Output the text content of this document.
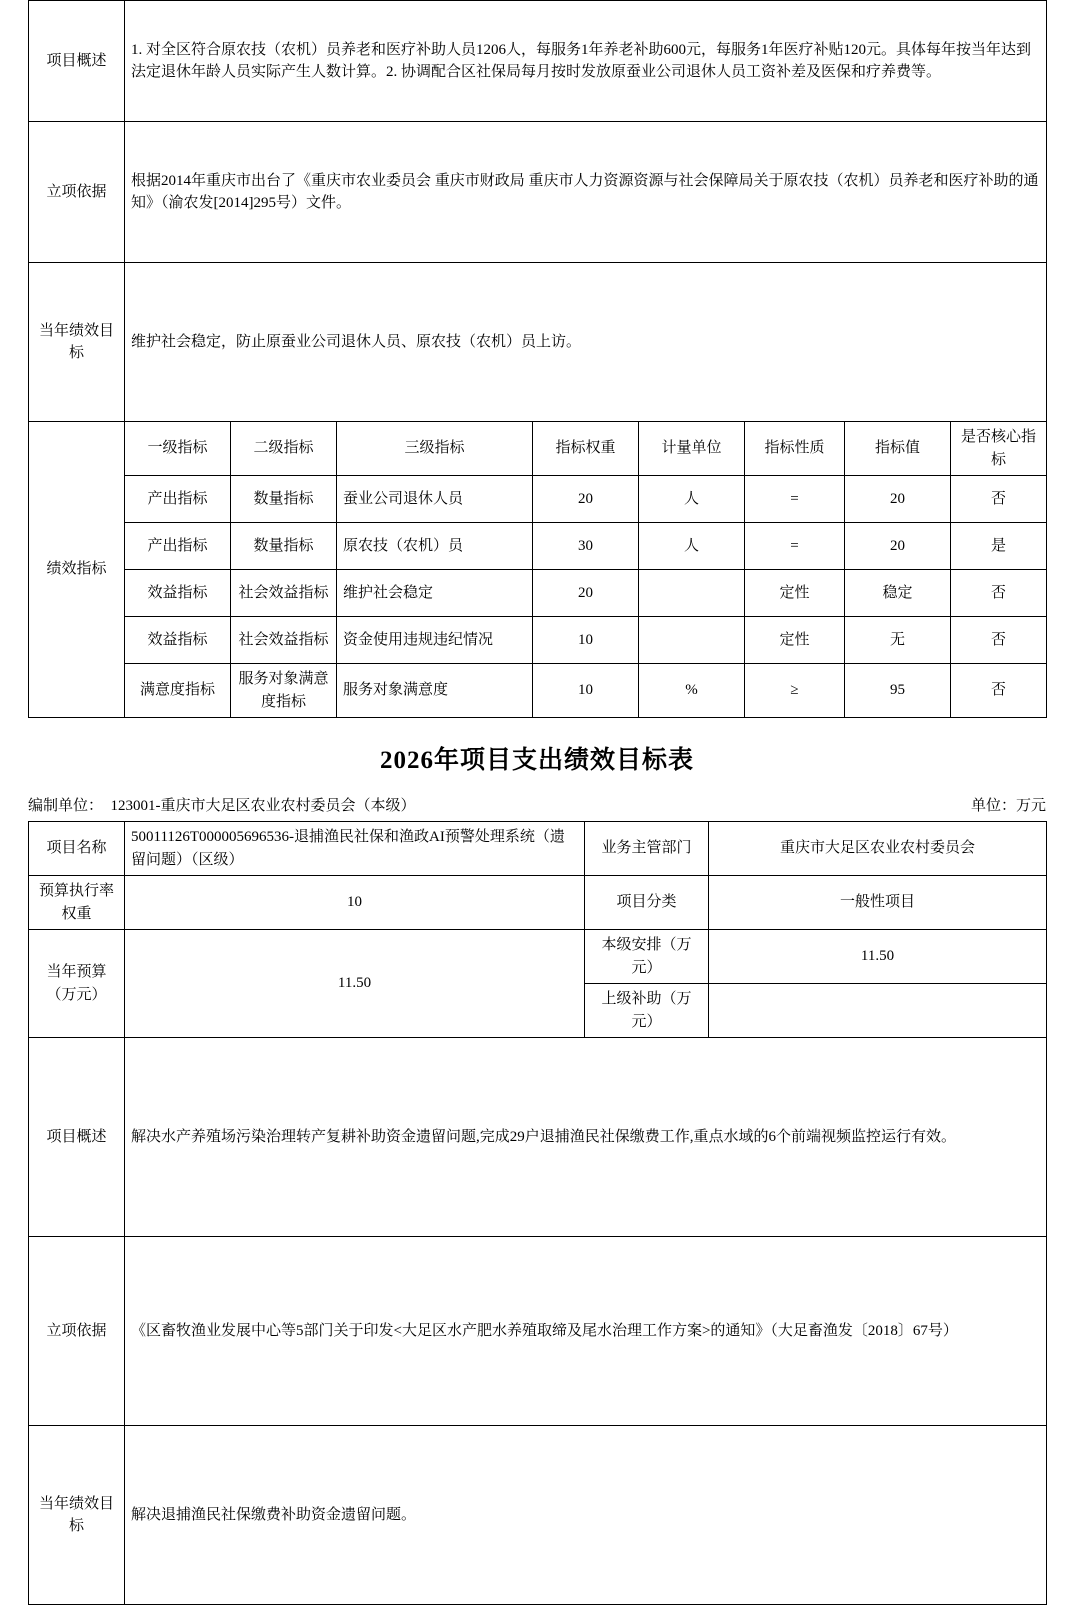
项目概述	1. 对全区符合原农技（农机）员养老和医疗补助人员1206人，每服务1年养老补助600元，每服务1年医疗补贴120元。具体每年按当年达到法定退休年龄人员实际产生人数计算。2. 协调配合区社保局每月按时发放原蚕业公司退休人员工资补差及医保和疗养费等。							
立项依据	根据2014年重庆市出台了《重庆市农业委员会 重庆市财政局 重庆市人力资源资源与社会保障局关于原农技（农机）员养老和医疗补助的通知》（渝农发[2014]295号）文件。							
当年绩效目标	维护社会稳定，防止原蚕业公司退休人员、原农技（农机）员上访。							
绩效指标	一级指标	二级指标	三级指标	指标权重	计量单位	指标性质	指标值	是否核心指标
	产出指标	数量指标	蚕业公司退休人员	20	人	=	20	否
	产出指标	数量指标	原农技（农机）员	30	人	=	20	是
	效益指标	社会效益指标	维护社会稳定	20		定性	稳定	否
	效益指标	社会效益指标	资金使用违规违纪情况	10		定性	无	否
	满意度指标	服务对象满意度指标	服务对象满意度	10	%	≥	95	否
2026年项目支出绩效目标表
编制单位：  123001-重庆市大足区农业农村委员会（本级）	单位：万元
项目名称	50011126T000005696536-退捕渔民社保和渔政AI预警处理系统（遗留问题）（区级）	业务主管部门	重庆市大足区农业农村委员会
预算执行率权重	10	项目分类	一般性项目
当年预算（万元）	11.50	本级安排（万元）	11.50
		上级补助（万元）	
项目概述	解决水产养殖场污染治理转产复耕补助资金遗留问题,完成29户退捕渔民社保缴费工作,重点水域的6个前端视频监控运行有效。		
立项依据	《区畜牧渔业发展中心等5部门关于印发<大足区水产肥水养殖取缔及尾水治理工作方案>的通知》（大足畜渔发〔2018〕67号）		
当年绩效目标	解决退捕渔民社保缴费补助资金遗留问题。		
